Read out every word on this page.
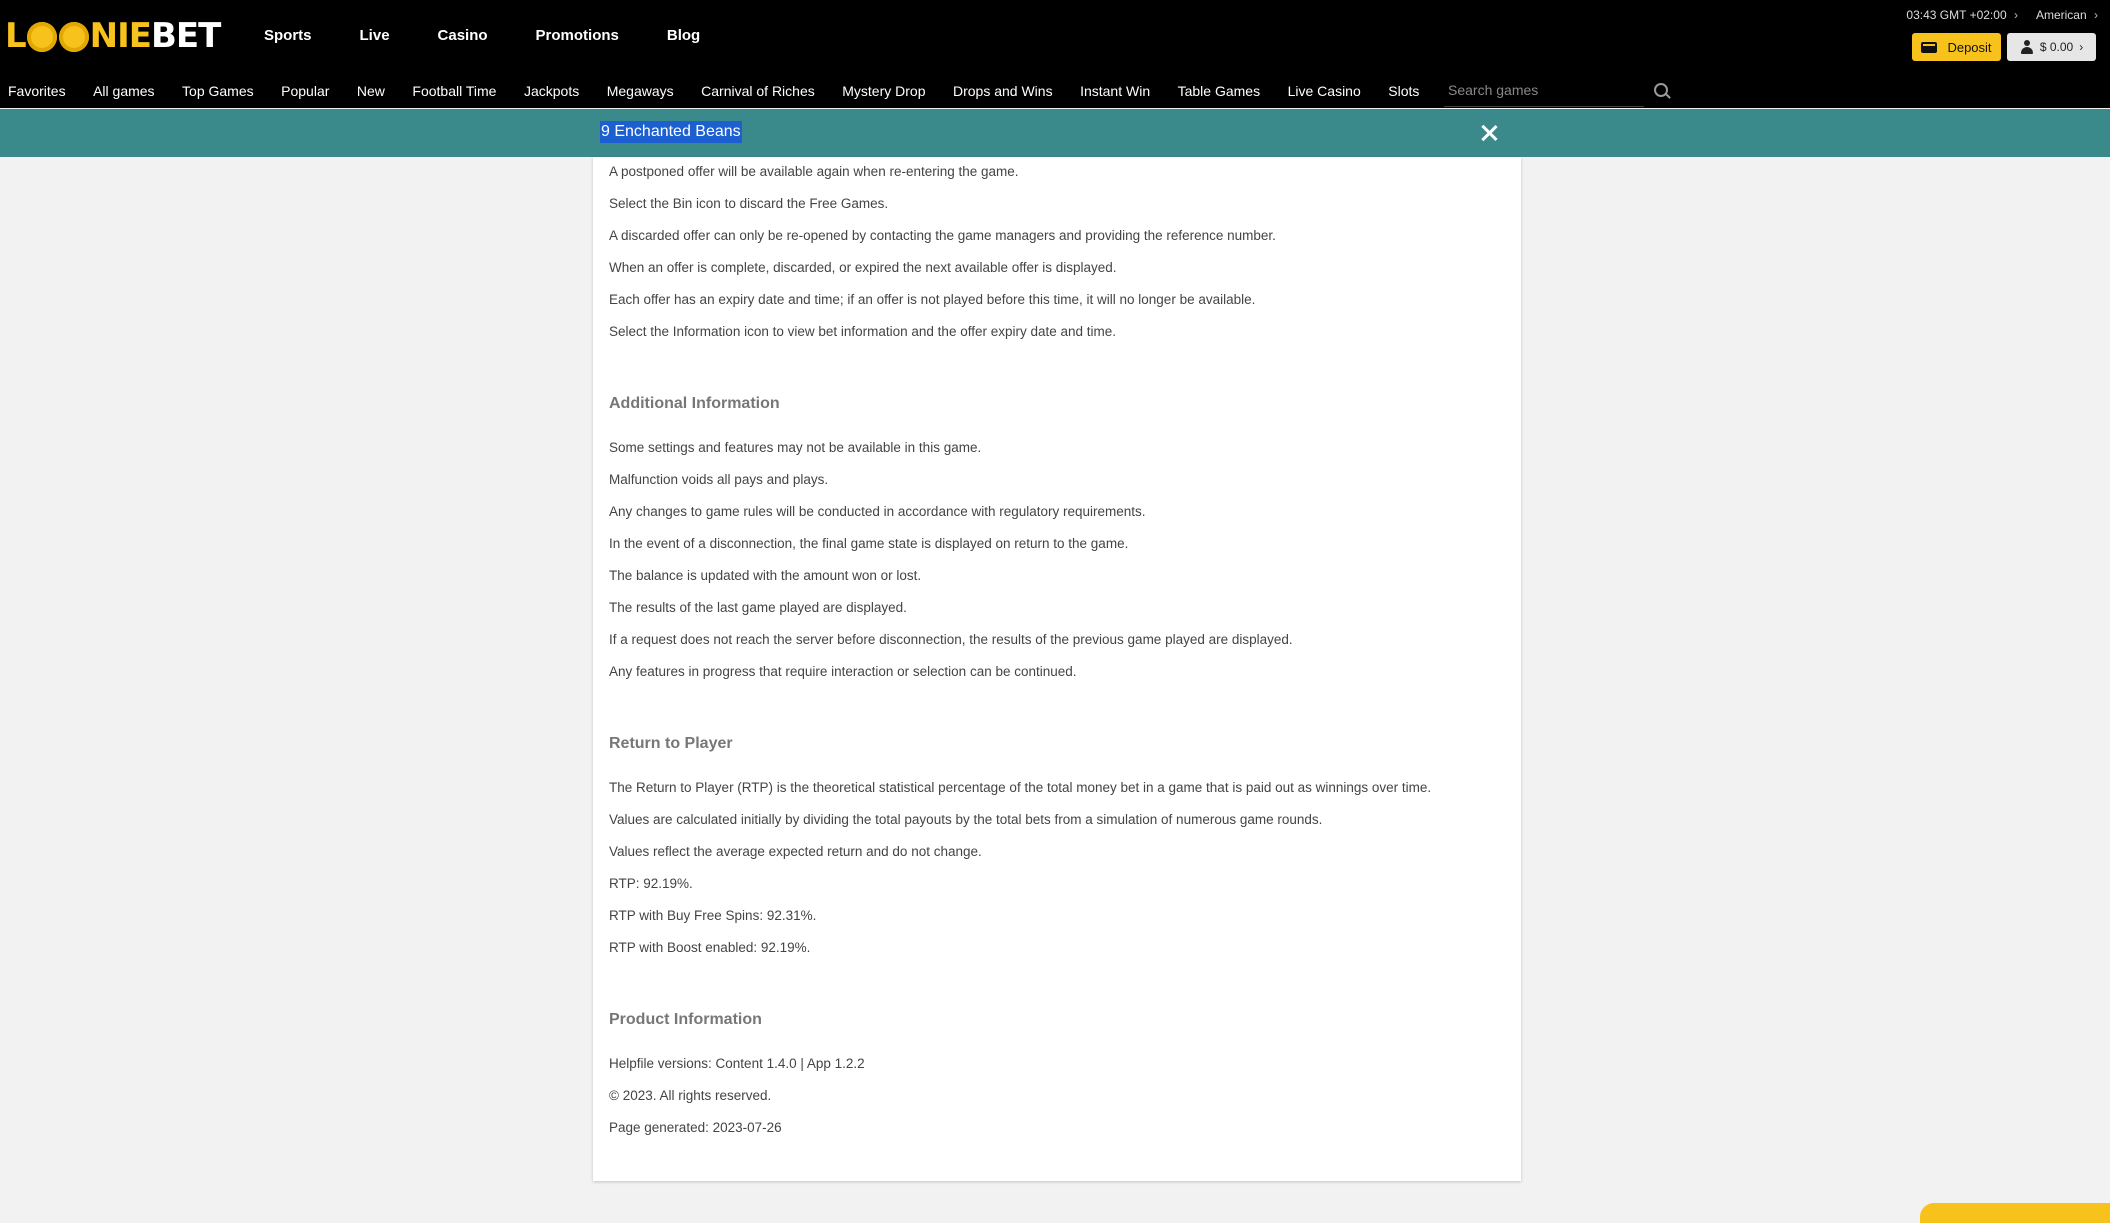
L NIE BET	Sports	Live	Casino	Promotions	Blog
03:43 GMT +02:00 › American ›
Deposit	$ 0.00 ›
Favorites All games Top Games Popular New Football Time Jackpots Megaways Carnival of Riches Mystery Drop Drops and Wins Instant Win Table Games Live Casino Slots
Search games
9 Enchanted Beans
A postponed offer will be available again when re-entering the game.
Select the Bin icon to discard the Free Games.
A discarded offer can only be re-opened by contacting the game managers and providing the reference number.
When an offer is complete, discarded, or expired the next available offer is displayed.
Each offer has an expiry date and time; if an offer is not played before this time, it will no longer be available.
Select the Information icon to view bet information and the offer expiry date and time.
Additional Information
Some settings and features may not be available in this game.
Malfunction voids all pays and plays.
Any changes to game rules will be conducted in accordance with regulatory requirements.
In the event of a disconnection, the final game state is displayed on return to the game.
The balance is updated with the amount won or lost.
The results of the last game played are displayed.
If a request does not reach the server before disconnection, the results of the previous game played are displayed.
Any features in progress that require interaction or selection can be continued.
Return to Player
The Return to Player (RTP) is the theoretical statistical percentage of the total money bet in a game that is paid out as winnings over time.
Values are calculated initially by dividing the total payouts by the total bets from a simulation of numerous game rounds.
Values reflect the average expected return and do not change.
RTP: 92.19%.
RTP with Buy Free Spins: 92.31%.
RTP with Boost enabled: 92.19%.
Product Information
Helpfile versions: Content 1.4.0 | App 1.2.2
© 2023. All rights reserved.
Page generated: 2023-07-26
